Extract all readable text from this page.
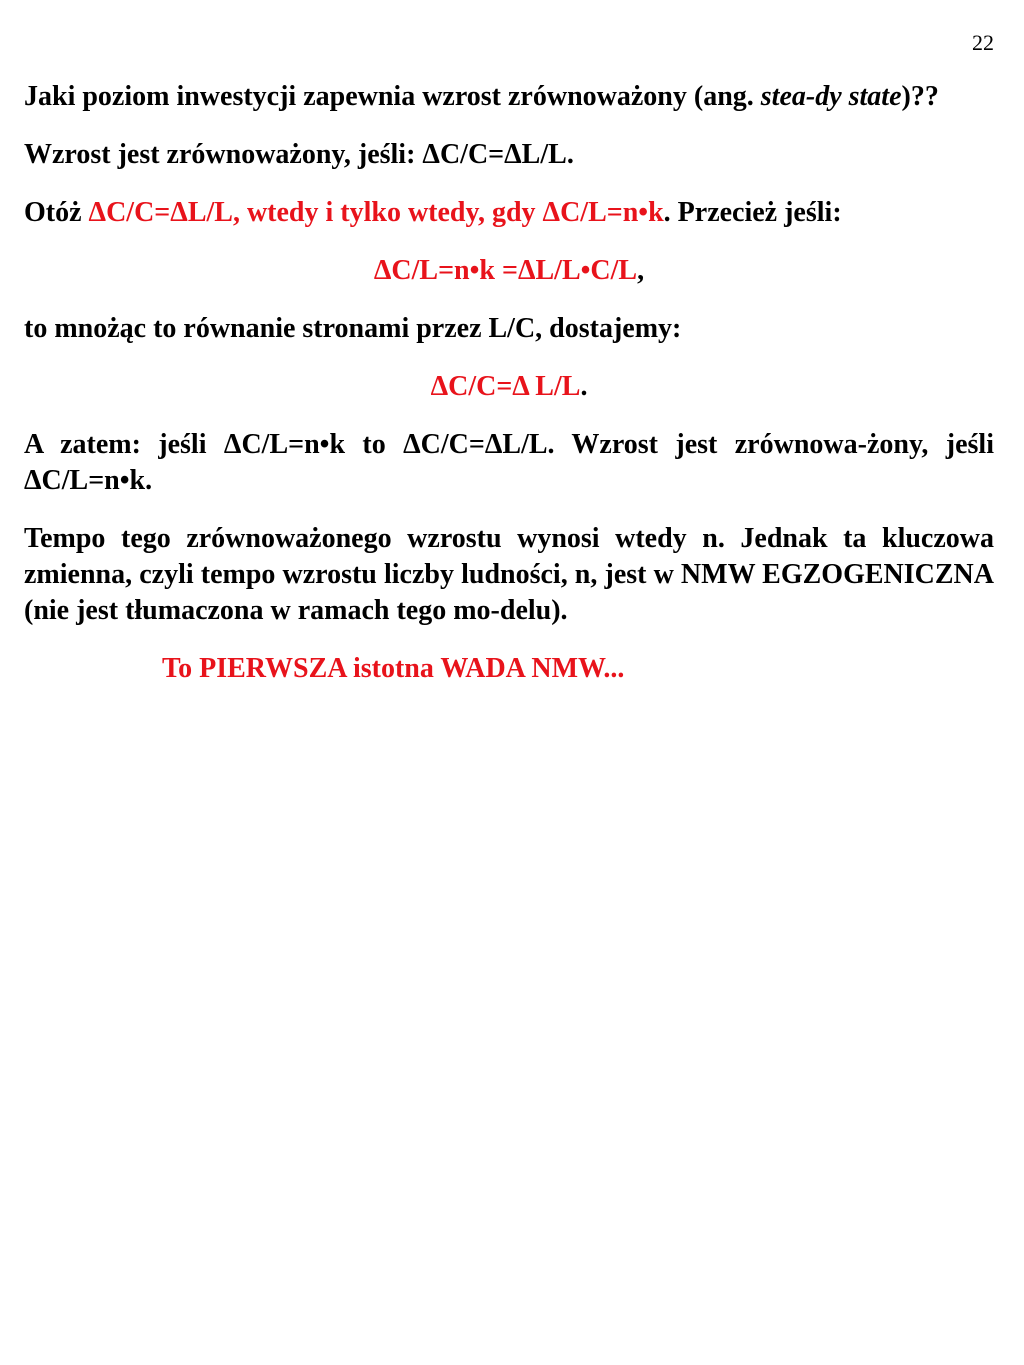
22

Jaki poziom inwestycji zapewnia wzrost zrównoważony (ang. stea-dy state)??

Wzrost jest zrównoważony, jeśli: ΔC/C=ΔL/L.

Otóż ΔC/C=ΔL/L, wtedy i tylko wtedy, gdy ΔC/L=n•k. Przecież jeśli:

ΔC/L=n•k =ΔL/L•C/L,

to mnożąc to równanie stronami przez L/C, dostajemy:

ΔC/C=Δ L/L.

A zatem: jeśli ΔC/L=n•k to ΔC/C=ΔL/L. Wzrost jest zrównowa-żony, jeśli ΔC/L=n•k.

Tempo tego zrównoważonego wzrostu wynosi wtedy n. Jednak ta kluczowa zmienna, czyli tempo wzrostu liczby ludności, n, jest w NMW EGZOGENICZNA (nie jest tłumaczona w ramach tego mo-delu).

To PIERWSZA istotna WADA NMW...
